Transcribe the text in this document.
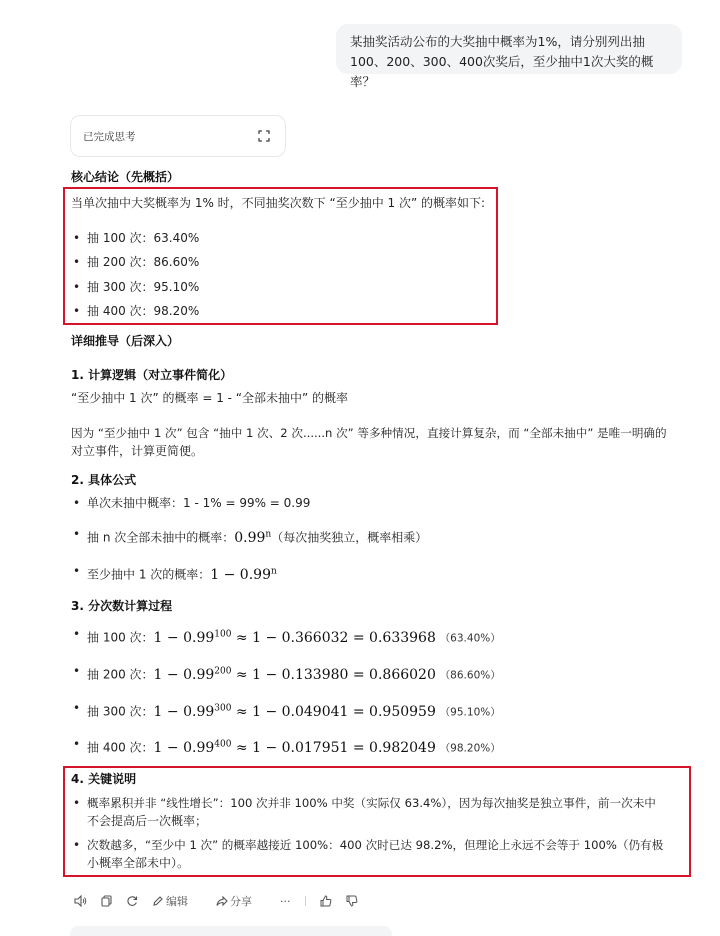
某抽奖活动公布的大奖抽中概率为1%，请分别列出抽
100、200、300、400次奖后，至少抽中1次大奖的概率？
已完成思考
核心结论（先概括）
当单次抽中大奖概率为 1% 时，不同抽奖次数下 “至少抽中 1 次” 的概率如下:
• 抽 100 次：63.40%
• 抽 200 次：86.60%
• 抽 300 次：95.10%
• 抽 400 次：98.20%
详细推导（后深入）
1. 计算逻辑（对立事件简化）
“至少抽中 1 次” 的概率 = 1 - “全部未抽中” 的概率
因为 “至少抽中 1 次” 包含 “抽中 1 次、2 次......n 次” 等多种情况，直接计算复杂，而 “全部未抽中” 是唯一明确的
对立事件，计算更简便。
2. 具体公式
• 单次未抽中概率：1 - 1% = 99% = 0.99
• 抽 n 次全部未抽中的概率：0.99$^n$（每次抽奖独立，概率相乘）
• 至少抽中 1 次的概率：$1 - 0.99^n$
3. 分次数计算过程
• 抽 100 次：$1 - 0.99^{100} \approx 1 - 0.366032 = 0.633968$ （63.40%）
• 抽 200 次：$1 - 0.99^{200} \approx 1 - 0.133980 = 0.866020$ （86.60%）
• 抽 300 次：$1 - 0.99^{300} \approx 1 - 0.049041 = 0.950959$ （95.10%）
• 抽 400 次：$1 - 0.99^{400} \approx 1 - 0.017951 = 0.982049$ （98.20%）
4. 关键说明
• 概率累积并非 “线性增长”：100 次并非 100% 中奖（实际仅 63.4%），因为每次抽奖是独立事件，前一次未中
不会提高后一次概率；
• 次数越多，“至少中 1 次” 的概率越接近 100%：400 次时已达 98.2%，但理论上永远不会等于 100%（仍有极
小概率全部未中）。
编辑	分享	···
